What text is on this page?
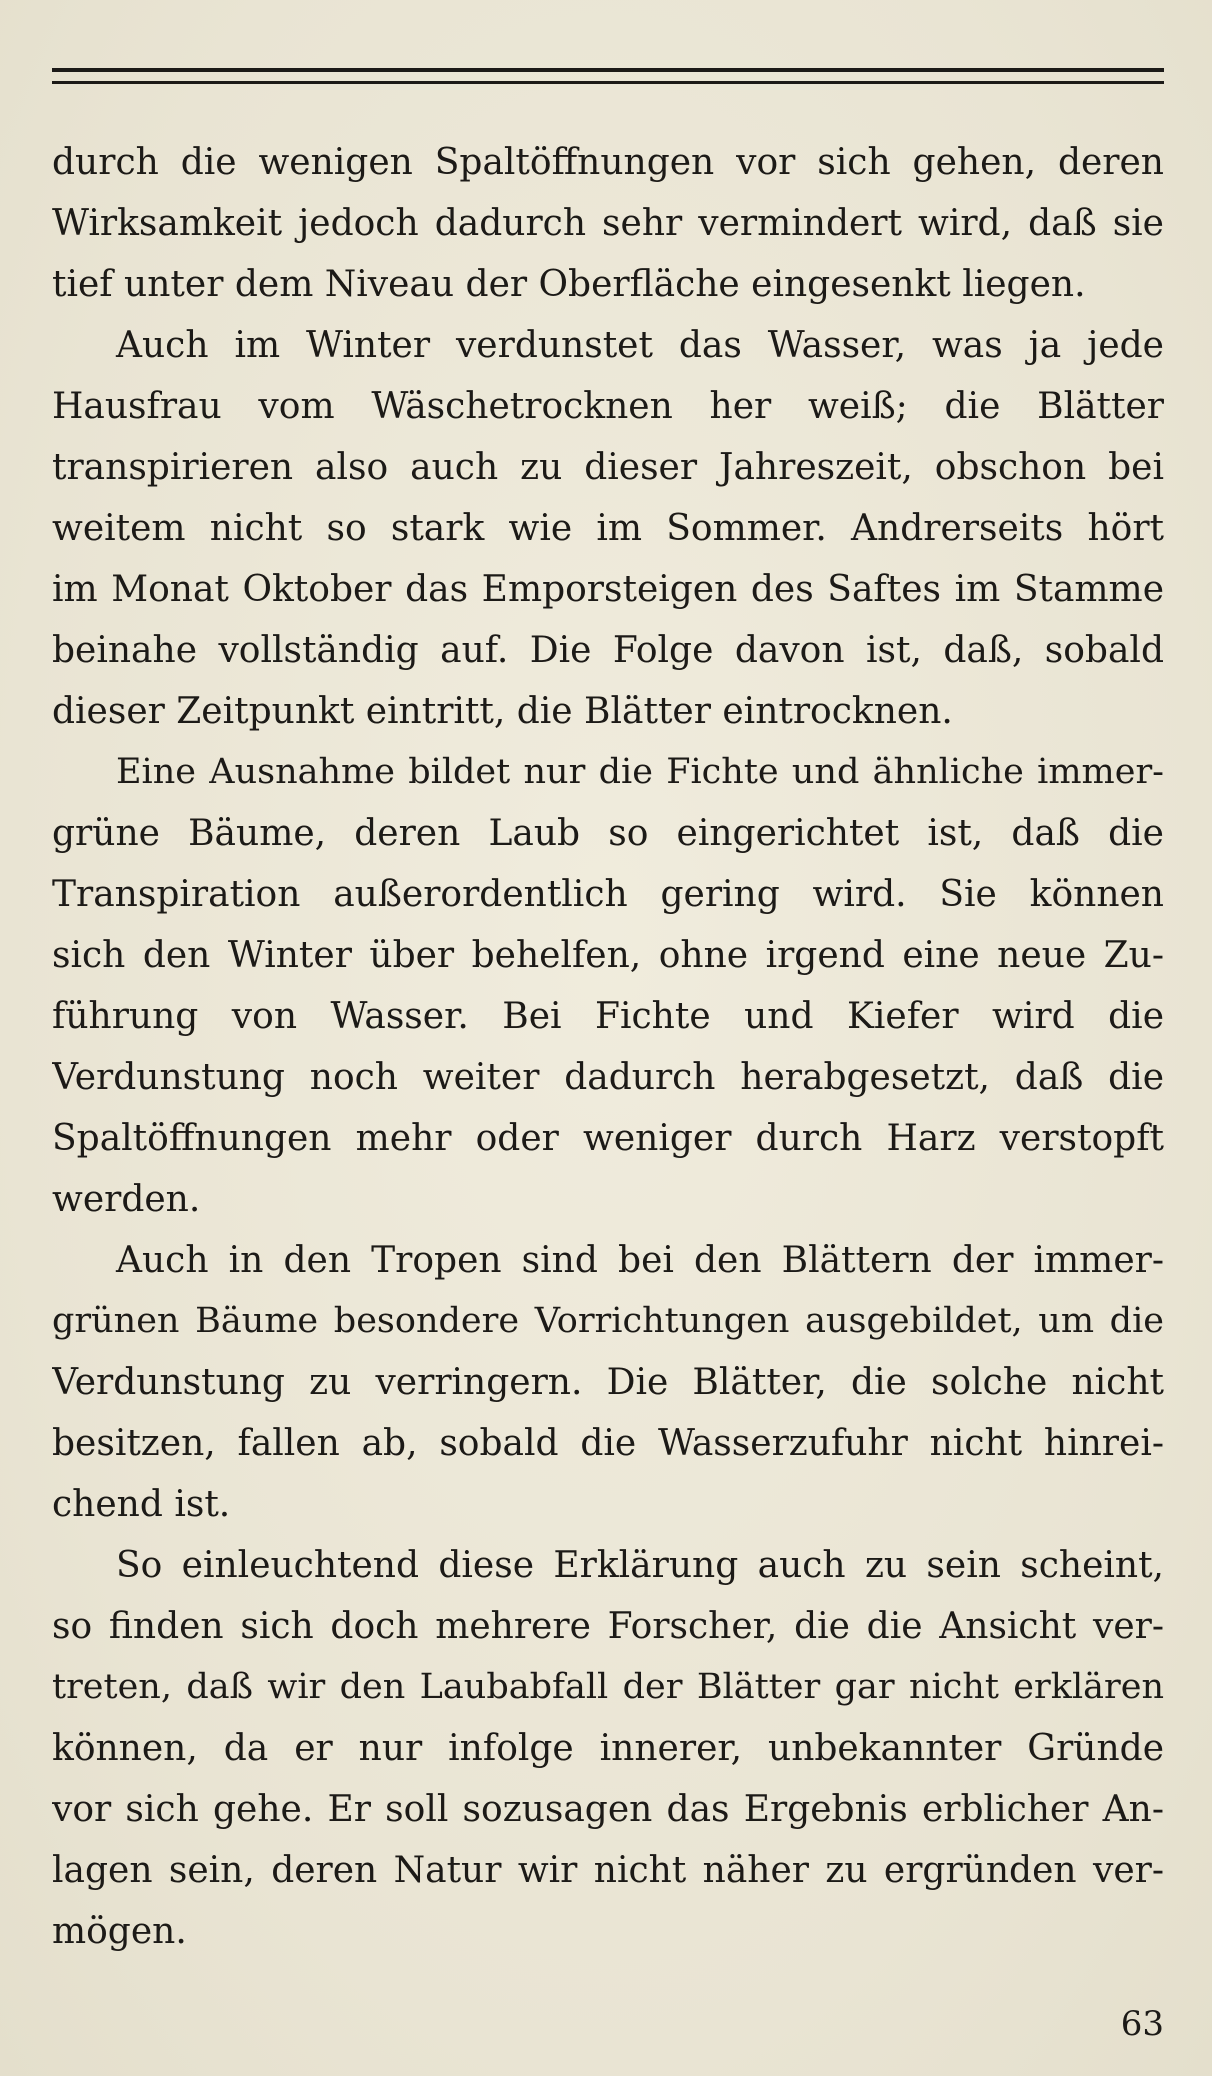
durch die wenigen Spaltöffnungen vor sich gehen, deren
Wirksamkeit jedoch dadurch sehr vermindert wird, daß sie
tief unter dem Niveau der Oberfläche eingesenkt liegen.
Auch im Winter verdunstet das Wasser, was ja jede
Hausfrau vom Wäschetrocknen her weiß; die Blätter
transpirieren also auch zu dieser Jahreszeit, obschon bei
weitem nicht so stark wie im Sommer. Andrerseits hört
im Monat Oktober das Emporsteigen des Saftes im Stamme
beinahe vollständig auf. Die Folge davon ist, daß, sobald
dieser Zeitpunkt eintritt, die Blätter eintrocknen.
Eine Ausnahme bildet nur die Fichte und ähnliche immer-
grüne Bäume, deren Laub so eingerichtet ist, daß die
Transpiration außerordentlich gering wird. Sie können
sich den Winter über behelfen, ohne irgend eine neue Zu-
führung von Wasser. Bei Fichte und Kiefer wird die
Verdunstung noch weiter dadurch herabgesetzt, daß die
Spaltöffnungen mehr oder weniger durch Harz verstopft
werden.
Auch in den Tropen sind bei den Blättern der immer-
grünen Bäume besondere Vorrichtungen ausgebildet, um die
Verdunstung zu verringern. Die Blätter, die solche nicht
besitzen, fallen ab, sobald die Wasserzufuhr nicht hinrei-
chend ist.
So einleuchtend diese Erklärung auch zu sein scheint,
so finden sich doch mehrere Forscher, die die Ansicht ver-
treten, daß wir den Laubabfall der Blätter gar nicht erklären
können, da er nur infolge innerer, unbekannter Gründe
vor sich gehe. Er soll sozusagen das Ergebnis erblicher An-
lagen sein, deren Natur wir nicht näher zu ergründen ver-
mögen.
63
